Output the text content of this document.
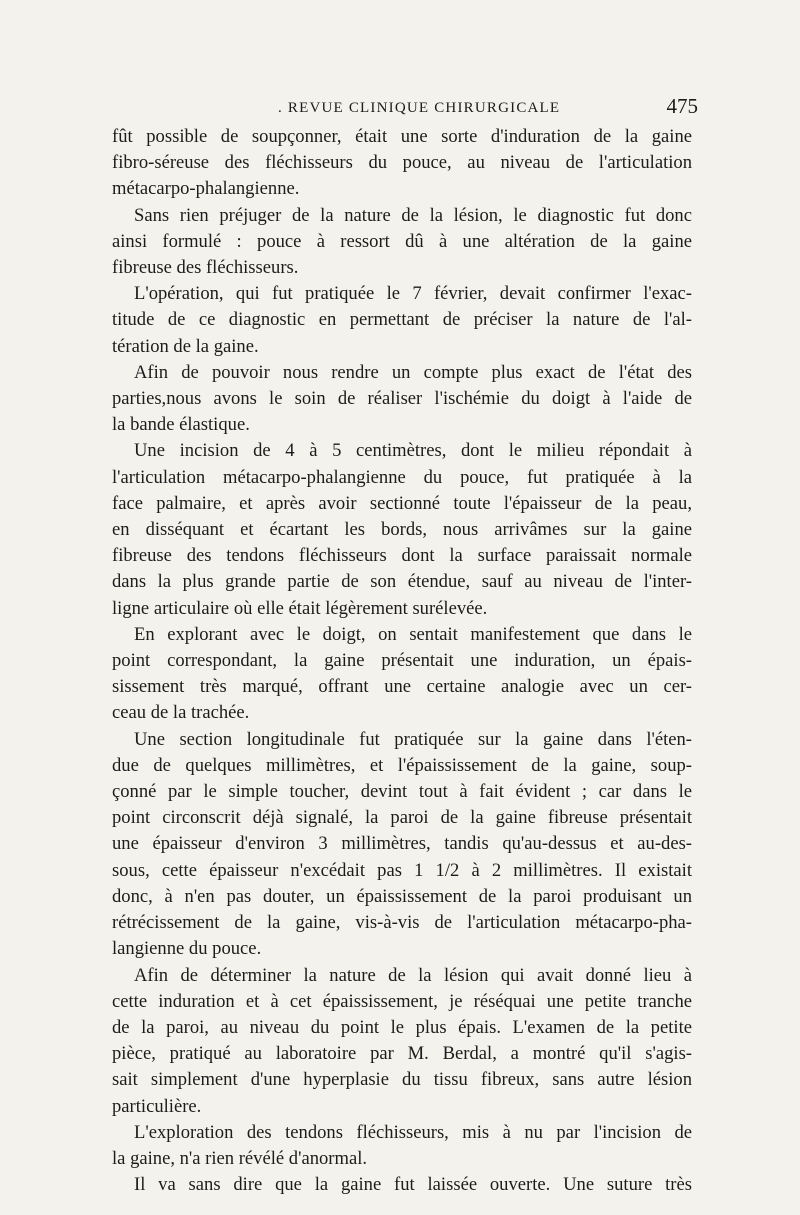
. REVUE CLINIQUE CHIRURGICALE	475

fût possible de soupçonner, était une sorte d'induration de la gaine
fibro-séreuse des fléchisseurs du pouce, au niveau de l'articulation
métacarpo-phalangienne.

Sans rien préjuger de la nature de la lésion, le diagnostic fut donc
ainsi formulé : pouce à ressort dû à une altération de la gaine
fibreuse des fléchisseurs.

L'opération, qui fut pratiquée le 7 février, devait confirmer l'exac-
titude de ce diagnostic en permettant de préciser la nature de l'al-
tération de la gaine.

Afin de pouvoir nous rendre un compte plus exact de l'état des
parties,nous avons le soin de réaliser l'ischémie du doigt à l'aide de
la bande élastique.

Une incision de 4 à 5 centimètres, dont le milieu répondait à
l'articulation métacarpo-phalangienne du pouce, fut pratiquée à la
face palmaire, et après avoir sectionné toute l'épaisseur de la peau,
en disséquant et écartant les bords, nous arrivâmes sur la gaine
fibreuse des tendons fléchisseurs dont la surface paraissait normale
dans la plus grande partie de son étendue, sauf au niveau de l'inter-
ligne articulaire où elle était légèrement surélevée.

En explorant avec le doigt, on sentait manifestement que dans le
point correspondant, la gaine présentait une induration, un épais-
sissement très marqué, offrant une certaine analogie avec un cer-
ceau de la trachée.

Une section longitudinale fut pratiquée sur la gaine dans l'éten-
due de quelques millimètres, et l'épaississement de la gaine, soup-
çonné par le simple toucher, devint tout à fait évident ; car dans le
point circonscrit déjà signalé, la paroi de la gaine fibreuse présentait
une épaisseur d'environ 3 millimètres, tandis qu'au-dessus et au-des-
sous, cette épaisseur n'excédait pas 1 1/2 à 2 millimètres. Il existait
donc, à n'en pas douter, un épaississement de la paroi produisant un
rétrécissement de la gaine, vis-à-vis de l'articulation métacarpo-pha-
langienne du pouce.

Afin de déterminer la nature de la lésion qui avait donné lieu à
cette induration et à cet épaississement, je réséquai une petite tranche
de la paroi, au niveau du point le plus épais. L'examen de la petite
pièce, pratiqué au laboratoire par M. Berdal, a montré qu'il s'agis-
sait simplement d'une hyperplasie du tissu fibreux, sans autre lésion
particulière.

L'exploration des tendons fléchisseurs, mis à nu par l'incision de
la gaine, n'a rien révélé d'anormal.

Il va sans dire que la gaine fut laissée ouverte. Une suture très
